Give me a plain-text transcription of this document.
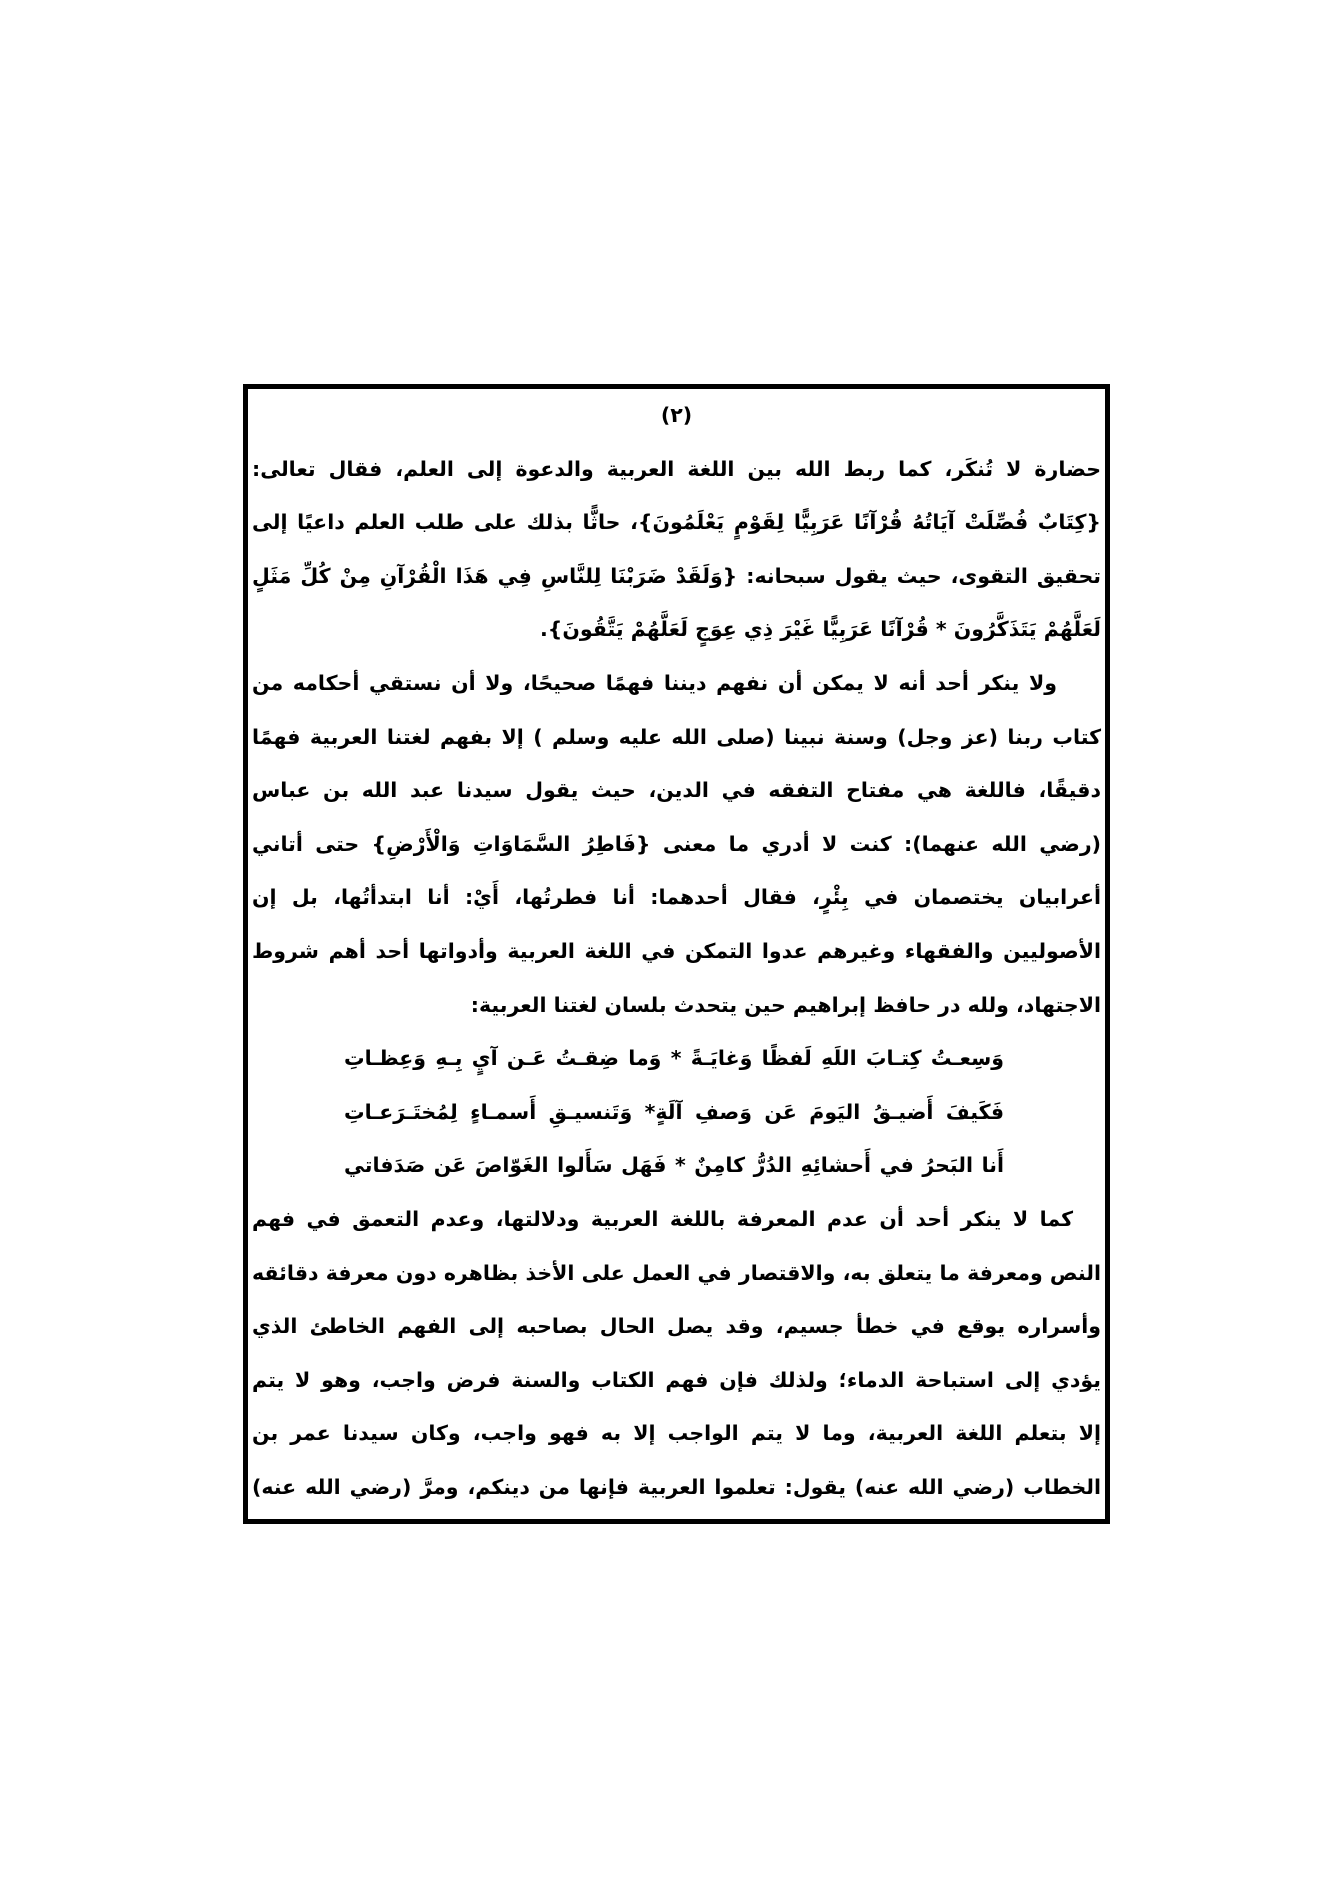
(٢)
حضارة لا تُنكَر، كما ربط الله بين اللغة العربية والدعوة إلى العلم، فقال تعالى:
{كِتَابٌ فُصِّلَتْ آيَاتُهُ قُرْآنًا عَرَبِيًّا لِقَوْمٍ يَعْلَمُونَ}، حاثًّا بذلك على طلب العلم داعيًا إلى
تحقيق التقوى، حيث يقول سبحانه: {وَلَقَدْ ضَرَبْنَا لِلنَّاسِ فِي هَذَا الْقُرْآنِ مِنْ كُلِّ مَثَلٍ
لَعَلَّهُمْ يَتَذَكَّرُونَ * قُرْآنًا عَرَبِيًّا غَيْرَ ذِي عِوَجٍ لَعَلَّهُمْ يَتَّقُونَ}.
ولا ينكر أحد أنه لا يمكن أن نفهم ديننا فهمًا صحيحًا، ولا أن نستقي أحكامه من
كتاب ربنا (عز وجل) وسنة نبينا (صلى الله عليه وسلم ) إلا بفهم لغتنا العربية فهمًا
دقيقًا، فاللغة هي مفتاح التفقه في الدين، حيث يقول سيدنا عبد الله بن عباس
(رضي الله عنهما): كنت لا أدري ما معنى {فَاطِرُ السَّمَاوَاتِ وَالْأَرْضِ} حتى أتاني
أعرابيان يختصمان في بِئْرٍ، فقال أحدهما: أنا فطرتُها، أَيْ: أنا ابتدأتُها، بل إن
الأصوليين والفقهاء وغيرهم عدوا التمكن في اللغة العربية وأدواتها أحد أهم شروط
الاجتهاد، ولله در حافظ إبراهيم حين يتحدث بلسان لغتنا العربية:
وَسِعـتُ كِتـابَ اللَهِ لَفظًا وَغايَـةً * وَما ضِقـتُ عَـن آيٍ بِـهِ وَعِظـاتِ
فَكَيفَ أَضيـقُ اليَومَ عَن وَصفِ آلَةٍ* وَتَنسيـقِ أَسمـاءٍ لِمُختَـرَعـاتِ
أَنا البَحرُ في أَحشائِهِ الدُرُّ كامِنٌ * فَهَل سَأَلوا الغَوّاصَ عَن صَدَفاتي
كما لا ينكر أحد أن عدم المعرفة باللغة العربية ودلالتها، وعدم التعمق في فهم
النص ومعرفة ما يتعلق به، والاقتصار في العمل على الأخذ بظاهره دون معرفة دقائقه
وأسراره يوقع في خطأ جسيم، وقد يصل الحال بصاحبه إلى الفهم الخاطئ الذي
يؤدي إلى استباحة الدماء؛ ولذلك فإن فهم الكتاب والسنة فرض واجب، وهو لا يتم
إلا بتعلم اللغة العربية، وما لا يتم الواجب إلا به فهو واجب، وكان سيدنا عمر بن
الخطاب (رضي الله عنه) يقول: تعلموا العربية فإنها من دينكم، ومرَّ (رضي الله عنه)
